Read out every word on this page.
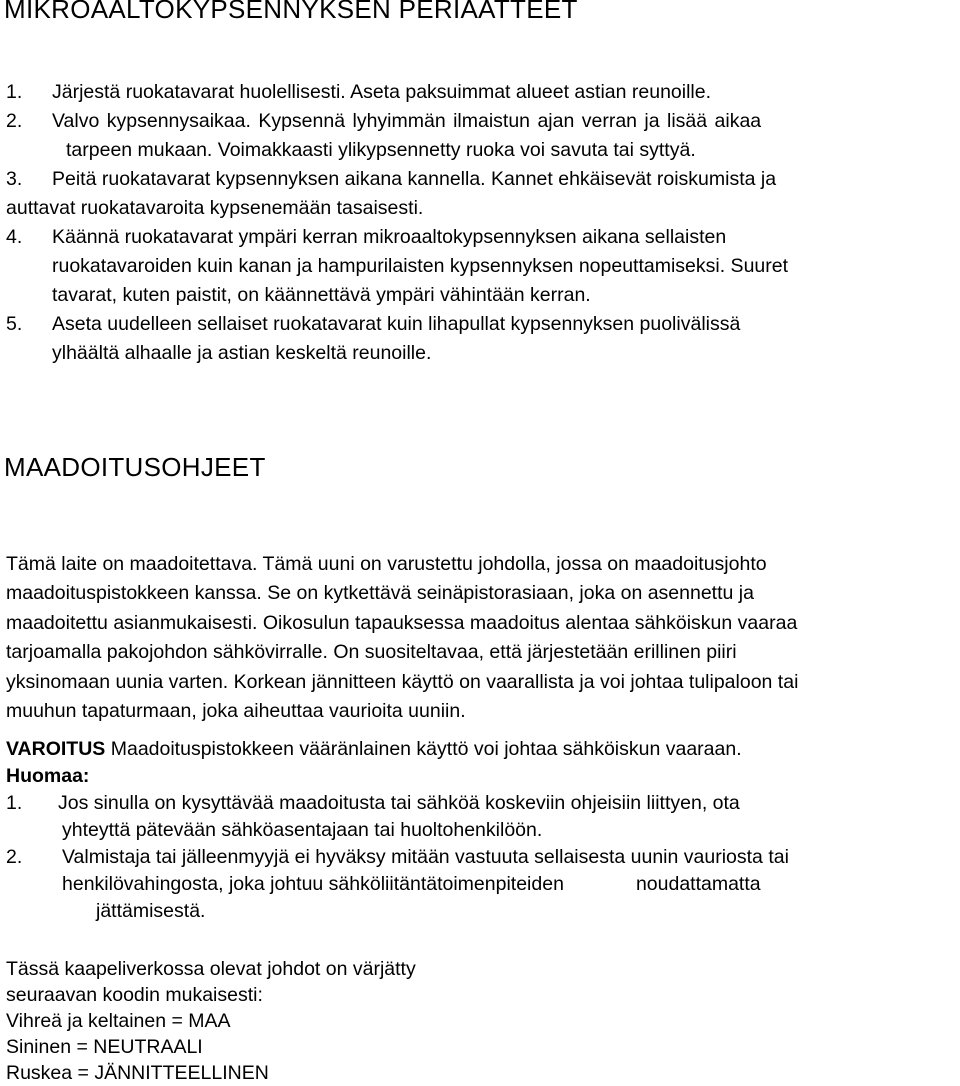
MIKROAALTOKYPSENNYKSEN PERIAATTEET
1.	Järjestä ruokatavarat huolellisesti. Aseta paksuimmat alueet astian reunoille.
2. Valvo kypsennysaikaa. Kypsennä lyhyimmän ilmaistun ajan verran ja lisää aikaa
tarpeen mukaan. Voimakkaasti ylikypsennetty ruoka voi savuta tai syttyä.
3. Peitä ruokatavarat kypsennyksen aikana kannella. Kannet ehkäisevät roiskumista ja
auttavat ruokatavaroita kypsenemään tasaisesti.
4. Käännä ruokatavarat ympäri kerran mikroaaltokypsennyksen aikana sellaisten
ruokatavaroiden kuin kanan ja hampurilaisten kypsennyksen nopeuttamiseksi. Suuret
tavarat, kuten paistit, on käännettävä ympäri vähintään kerran.
5. Aseta uudelleen sellaiset ruokatavarat kuin lihapullat kypsennyksen puolivälissä
ylhäältä alhaalle ja astian keskeltä reunoille.
MAADOITUSOHJEET
Tämä laite on maadoitettava. Tämä uuni on varustettu johdolla, jossa on maadoitusjohto
maadoituspistokkeen kanssa. Se on kytkettävä seinäpistorasiaan, joka on asennettu ja
maadoitettu asianmukaisesti. Oikosulun tapauksessa maadoitus alentaa sähköiskun vaaraa
tarjoamalla pakojohdon sähkövirralle. On suositeltavaa, että järjestetään erillinen piiri
yksinomaan uunia varten. Korkean jännitteen käyttö on vaarallista ja voi johtaa tulipaloon tai
muuhun tapaturmaan, joka aiheuttaa vaurioita uuniin.
VAROITUS Maadoituspistokkeen vääränlainen käyttö voi johtaa sähköiskun vaaraan.
Huomaa:
1.	Jos sinulla on kysyttävää maadoitusta tai sähköä koskeviin ohjeisiin liittyen, ota
yhteyttä pätevään sähköasentajaan tai huoltohenkilöön.
2.	Valmistaja tai jälleenmyyjä ei hyväksy mitään vastuuta sellaisesta uunin vauriosta tai
henkilövahingosta, joka johtuu sähköliitäntätoimenpiteiden	noudattamatta
jättämisestä.
Tässä kaapeliverkossa olevat johdot on värjätty
seuraavan koodin mukaisesti:
Vihreä ja keltainen = MAA
Sininen = NEUTRAALI
Ruskea = JÄNNITTEELLINEN
